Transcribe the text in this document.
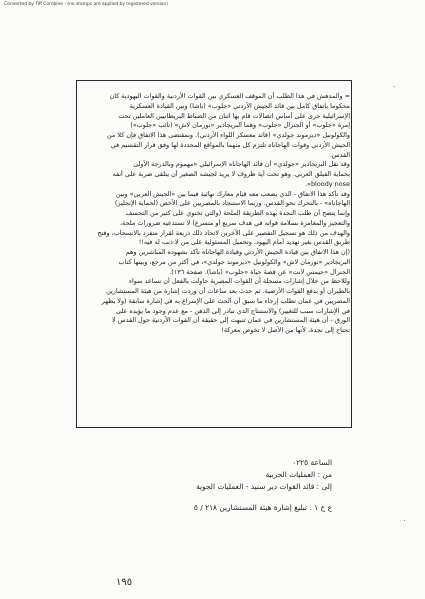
Converted by Tiff Combine - (no stamps are applied by registered version)
= والمدهش في هذا الطلب أن الموقف العسكري بين القوات الأردنية والقوات اليهودية كان
محكوما باتفاق كامل بين قائد الجيش الأردني «جلوب» (باشا) وبين القيادة العسكرية
الإسرائيلية جرى على أساس اتصالات قام بها اثنان من الضباط البريطانيين العاملين تحت
إمرة «جلوب» أو الجنرال «جلوب» وهما البريجادير «نورمان لاش» (نائب «جلوب»)
والكولونيل «ديزموند جولدي» (قائد معسكر اللواء الأردني). وبمقتضى هذا الاتفاق فإن كلا من
الجيش الأردني وقوات الهاجاناه تلتزم كل منهما بالمواقع المحددة لها وفق قرار التقسيم في
القدس.
وقد نقل البريجادير «جولدي» أن قائد الهاجاناه الإسرائيلي «مهموم وبالدرجة الأولى
بحماية الفيلق العربي. وهو تحت أية ظروف لا يريد لجيشه الصغير أن يتلقى ضربة على أنفه
bloody nose».
وقد تأكد هذا الاتفاق - الذي يصعب معه قيام معارك نهائية فيما بين «الجيش العربي» وبين
الهاجاناه» - بالتحرك نحو القدس. وربما الاستنجاد بالمصريين على الأخص (لحماية الإنجليز)
وإنما يتضح أن طلب النجدة بهذه الطريقة الملحة (والتي تحتوي على كثير من التحسف
والتعجيز والمغامرة بسلامة قواته في هدف سريع أو متسرع) لا تستدعيه ضرورات ملحة،
والهدف من ذلك هو تسجيل التقصير على الآخرين لاتخاذ ذلك ذريعة لقرار منفرد بالانسحاب، وفتح
طريق القدس بغير تهديد أمام اليهود، وتحميل المسئولية على من لا ذنب له فيه!!
(إن هذا الاتفاق بين قيادة الجيش الأردني وقيادة الهاجاناه تأكد بشهوده المباشرين وهم
البريجادير «نورمان لاش» والكولونيل «ديزموند جولدي»، في أكثر من مرجع، وبينها كتاب
الجنرال «جيمس لانت» عن قصة حياة «جلوب» (باشا). صفحة ١٣٦).
وللاحظ من خلال إشارات مسجلة أن القوات المصرية حاولت بالفعل أن تساعد سواء
بالطيران أو بدفع القوات الأرضية. ثم حدث بعد ساعات أن وردت إشارة من هيئة المستشارين
المصريين في عمان تطلب إرجاء ما سبق أن الحث على الإسراع به في إشارة سابقة (ولا يظهر
في الإشارات سبب للتغيير) والاستنتاج الذي تبادر إلى الذهن - مع عدم وجود ما يؤيده على
الورق - أن هيئة المستشارين في عمان تنبهت إلى حقيقة أن القوات الأردنية حول القدس لا
تحتاج إلى نجدة، لأنها من الأصل لا تخوض معركة!
الساعة ٠٢٢٥
من : العمليات الحربية
إلى : قائد القوات دير سنيد - العمليات الجوية
ع ح ١ . تبليغ إشارة هيئة المستشارين ٢١٨ / ٥
١٩٥
